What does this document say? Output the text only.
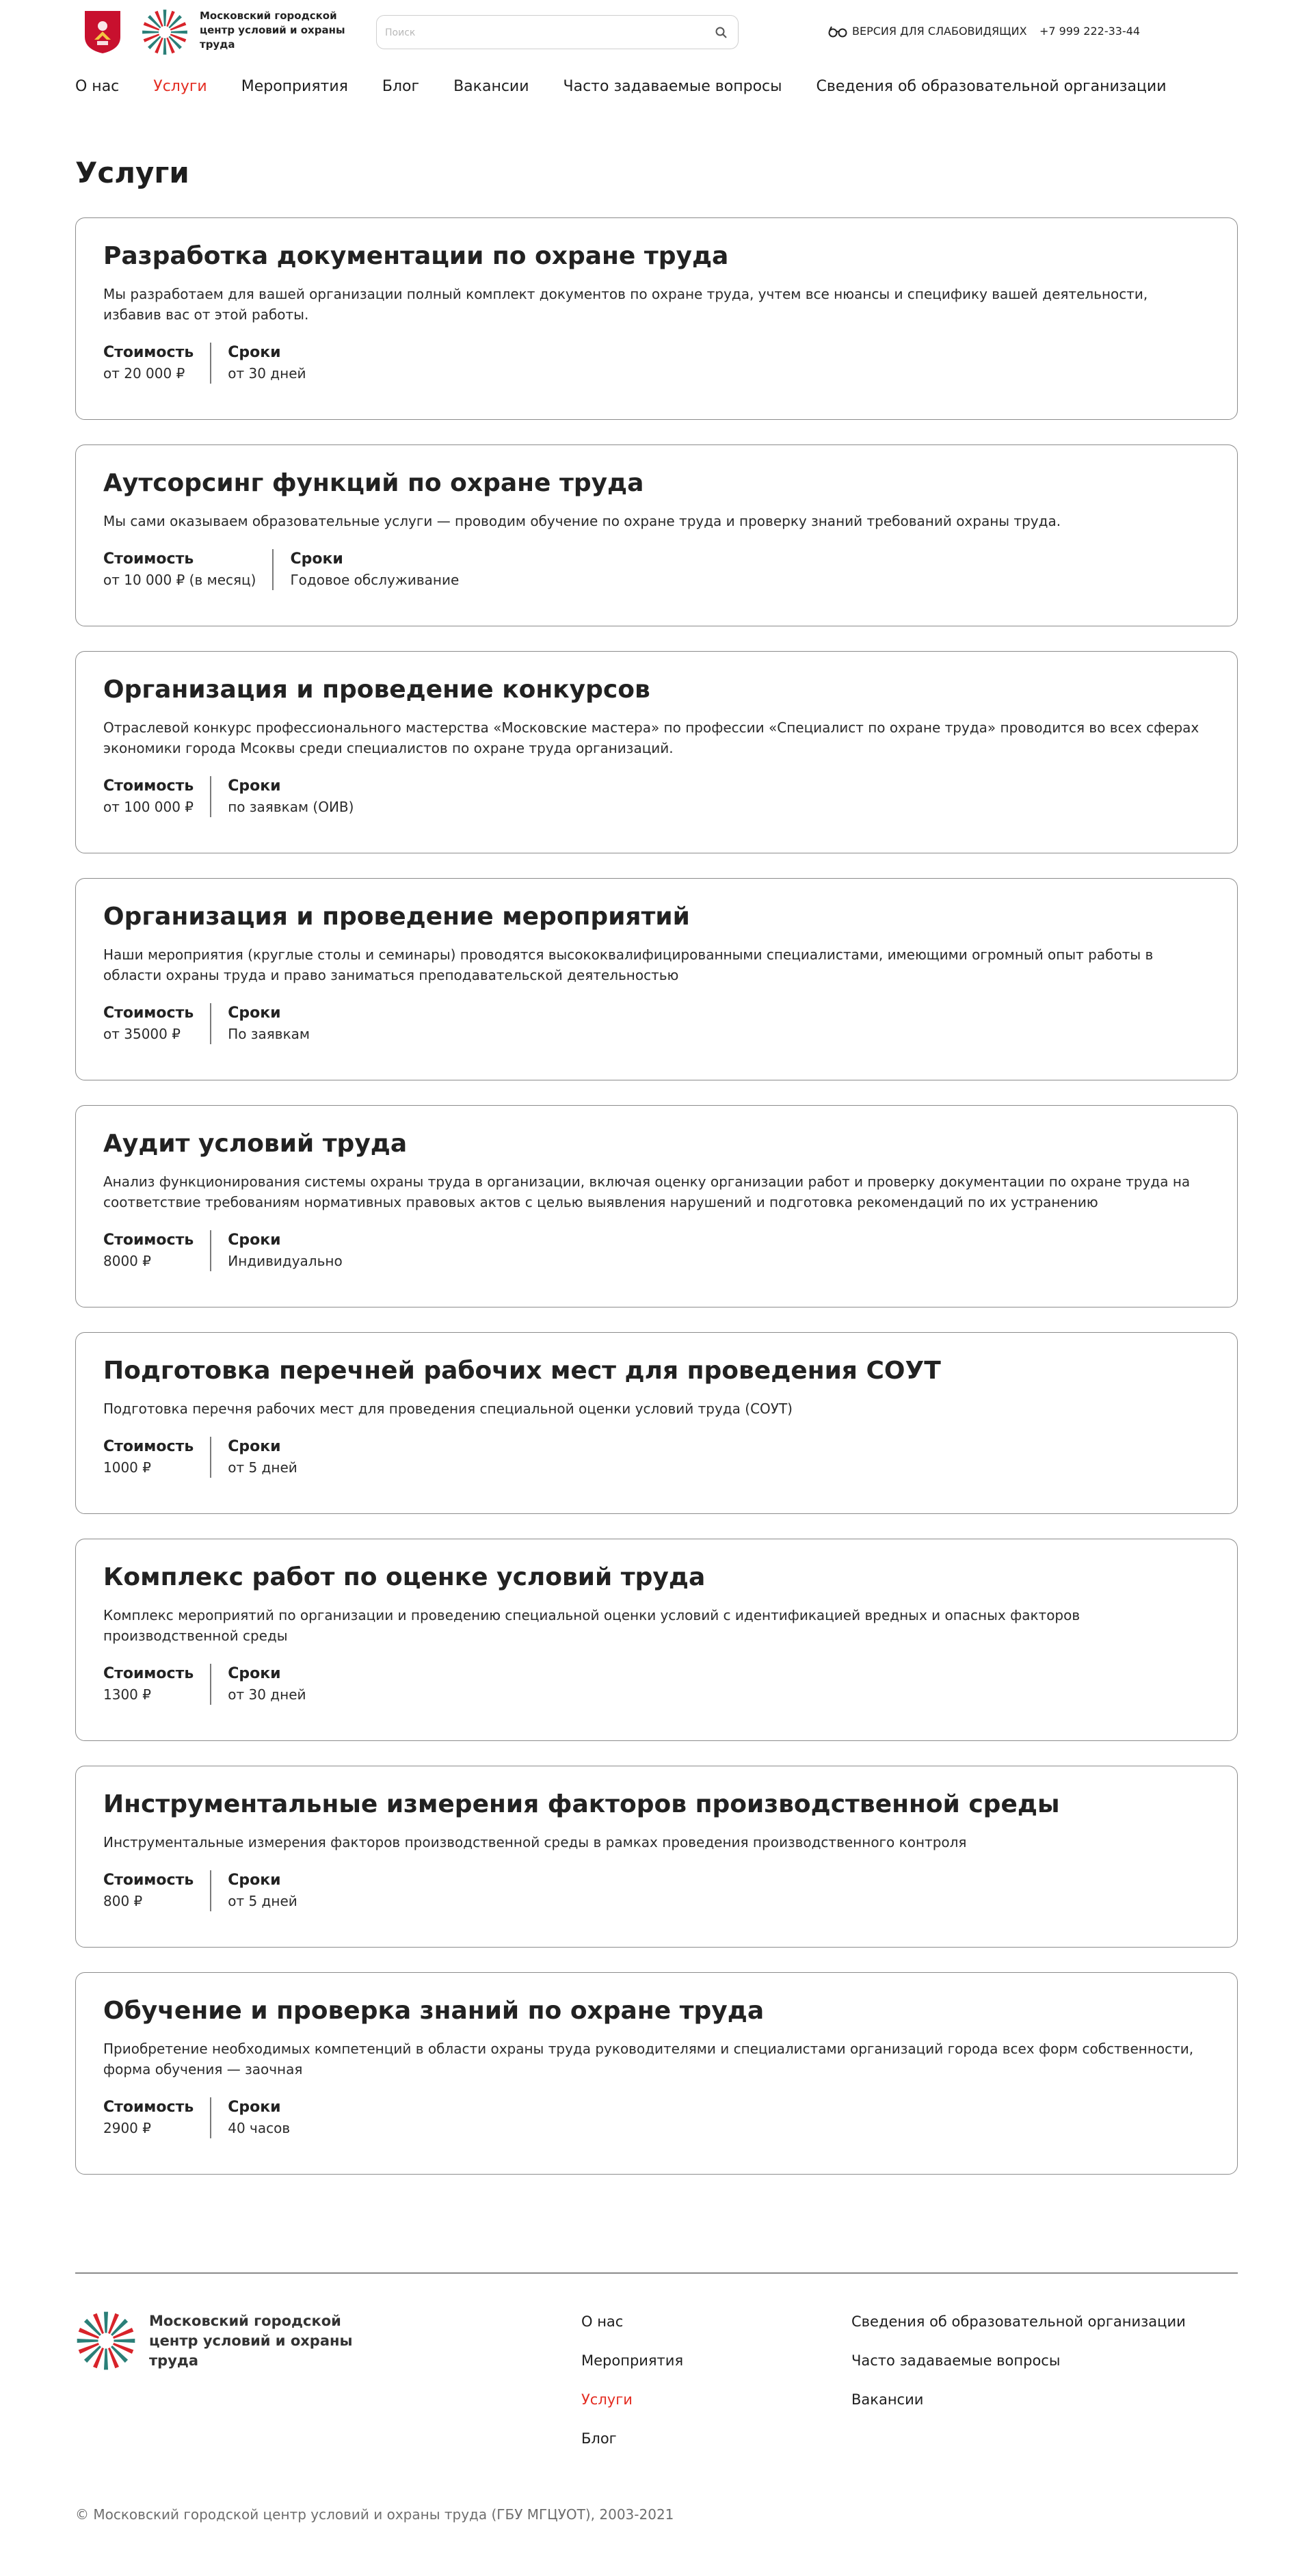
Московский городской центр условий и охраны труда
Поиск
ВЕРСИЯ ДЛЯ СЛАБОВИДЯЩИХ +7 999 222-33-44
О нас Услуги Мероприятия Блог Вакансии Часто задаваемые вопросы Сведения об образовательной организации
Услуги
Разработка документации по охране труда

Мы разработаем для вашей организации полный комплект документов по охране труда, учтем все нюансы и специфику вашей деятельности, избавив вас от этой работы.

Стоимость
от 20 000 ₽
Сроки
от 30 дней
Аутсорсинг функций по охране труда

Мы сами оказываем образовательные услуги — проводим обучение по охране труда и проверку знаний требований охраны труда.

Стоимость
от 10 000 ₽ (в месяц)
Сроки
Годовое обслуживание
Организация и проведение конкурсов

Отраслевой конкурс профессионального мастерства «Московские мастера» по профессии «Специалист по охране труда» проводится во всех сферах экономики города Мсоквы среди специалистов по охране труда организаций.

Стоимость
от 100 000 ₽
Сроки
по заявкам (ОИВ)
Организация и проведение мероприятий

Наши мероприятия (круглые столы и семинары) проводятся высококвалифицированными специалистами, имеющими огромный опыт работы в области охраны труда и право заниматься преподавательской деятельностью

Стоимость
от 35000 ₽
Сроки
По заявкам
Аудит условий труда

Анализ функционирования системы охраны труда в организации, включая оценку организации работ и проверку документации по охране труда на соответствие требованиям нормативных правовых актов с целью выявления нарушений и подготовка рекомендаций по их устранению

Стоимость
8000 ₽
Сроки
Индивидуально
Подготовка перечней рабочих мест для проведения СОУТ

Подготовка перечня рабочих мест для проведения специальной оценки условий труда (СОУТ)

Стоимость
1000 ₽
Сроки
от 5 дней
Комплекс работ по оценке условий труда

Комплекс мероприятий по организации и проведению специальной оценки условий с идентификацией вредных и опасных факторов производственной среды

Стоимость
1300 ₽
Сроки
от 30 дней
Инструментальные измерения факторов производственной среды

Инструментальные измерения факторов производственной среды в рамках проведения производственного контроля

Стоимость
800 ₽
Сроки
от 5 дней
Обучение и проверка знаний по охране труда

Приобретение необходимых компетенций в области охраны труда руководителями и специалистами организаций города всех форм собственности, форма обучения — заочная

Стоимость
2900 ₽
Сроки
40 часов
Московский городской центр условий и охраны труда
О нас
Мероприятия
Услуги
Блог
Сведения об образовательной организации
Часто задаваемые вопросы
Вакансии
© Московский городской центр условий и охраны труда (ГБУ МГЦУОТ), 2003-2021
